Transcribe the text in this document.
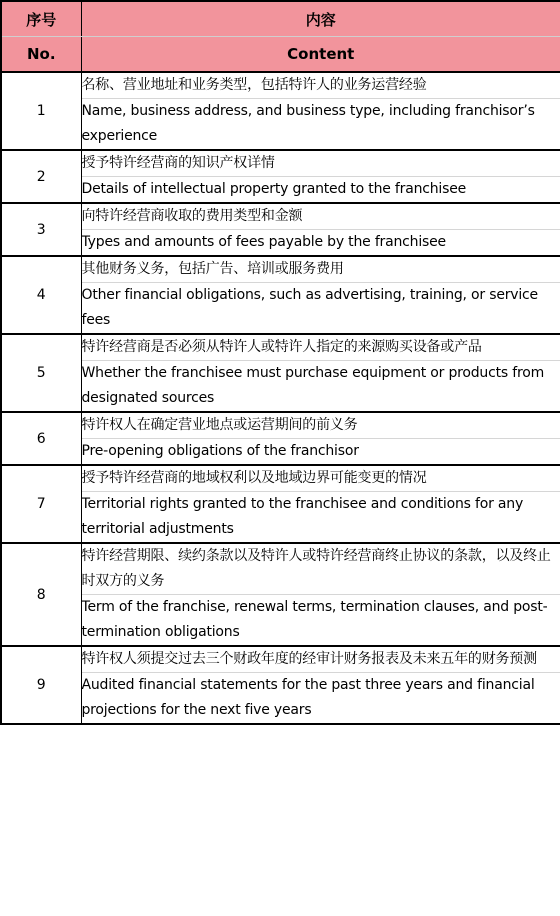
序号	内容
No.	Content
1	名称、营业地址和业务类型，包括特许人的业务运营经验
	Name, business address, and business type, including franchisor’s experience
2	授予特许经营商的知识产权详情
	Details of intellectual property granted to the franchisee
3	向特许经营商收取的费用类型和金额
	Types and amounts of fees payable by the franchisee
4	其他财务义务，包括广告、培训或服务费用
	Other financial obligations, such as advertising, training, or service fees
5	特许经营商是否必须从特许人或特许人指定的来源购买设备或产品
	Whether the franchisee must purchase equipment or products from designated sources
6	特许权人在确定营业地点或运营期间的前义务
	Pre-opening obligations of the franchisor
7	授予特许经营商的地域权利以及地域边界可能变更的情况
	Territorial rights granted to the franchisee and conditions for any territorial adjustments
8	特许经营期限、续约条款以及特许人或特许经营商终止协议的条款，以及终止时双方的义务
	Term of the franchise, renewal terms, termination clauses, and post-termination obligations
9	特许权人须提交过去三个财政年度的经审计财务报表及未来五年的财务预测
	Audited financial statements for the past three years and financial projections for the next five years
